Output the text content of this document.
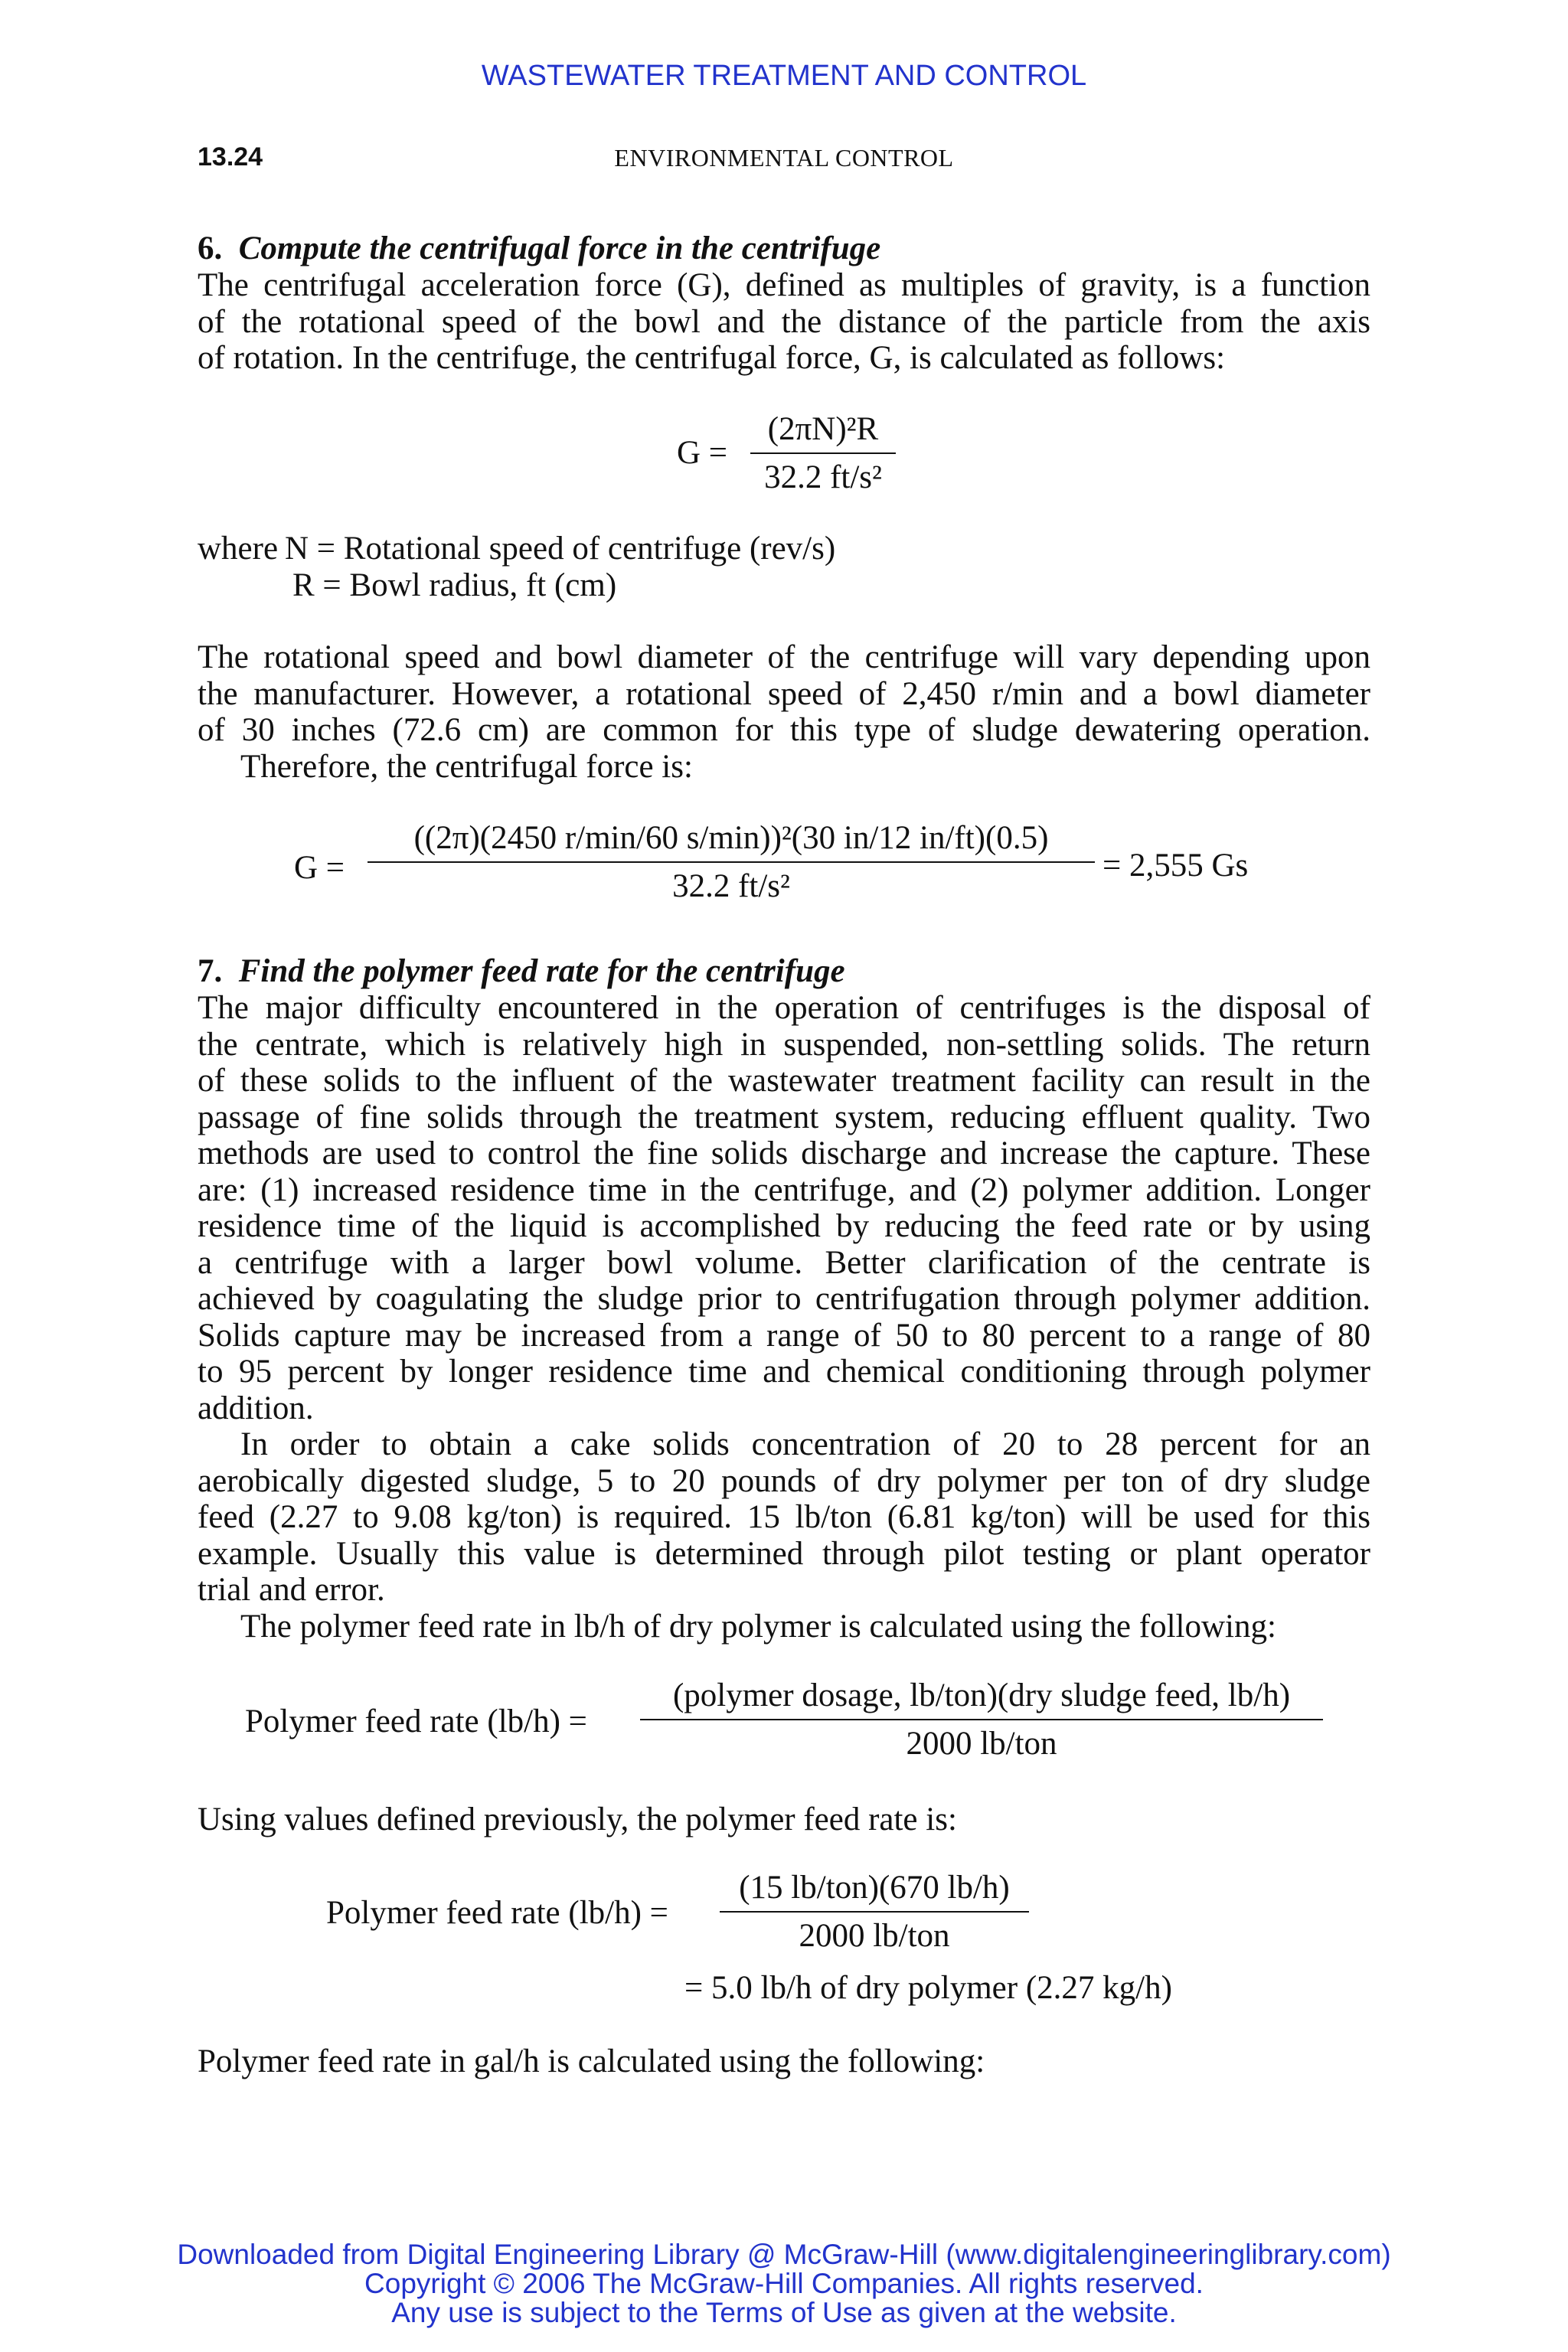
WASTEWATER TREATMENT AND CONTROL
13.24	ENVIRONMENTAL CONTROL
6. Compute the centrifugal force in the centrifuge
The centrifugal acceleration force (G), defined as multiples of gravity, is a function
of the rotational speed of the bowl and the distance of the particle from the axis
of rotation. In the centrifuge, the centrifugal force, G, is calculated as follows:
$G = \frac{\text{(2πN)²R}}{\text{32.2 ft/s²}}$
where N = Rotational speed of centrifuge (rev/s)
R = Bowl radius, ft (cm)
The rotational speed and bowl diameter of the centrifuge will vary depending upon
the manufacturer. However, a rotational speed of 2,450 r/min and a bowl diameter
of 30 inches (72.6 cm) are common for this type of sludge dewatering operation.
Therefore, the centrifugal force is:
G =
((2π)(2450 r/min/60 s/min))²(30 in/12 in/ft)(0.5)
32.2 ft/s²
= 2,555 Gs
7. Find the polymer feed rate for the centrifuge
The major difficulty encountered in the operation of centrifuges is the disposal of
the centrate, which is relatively high in suspended, non-settling solids. The return
of these solids to the influent of the wastewater treatment facility can result in the
passage of fine solids through the treatment system, reducing effluent quality. Two
methods are used to control the fine solids discharge and increase the capture. These
are: (1) increased residence time in the centrifuge, and (2) polymer addition. Longer
residence time of the liquid is accomplished by reducing the feed rate or by using
a centrifuge with a larger bowl volume. Better clarification of the centrate is
achieved by coagulating the sludge prior to centrifugation through polymer addition.
Solids capture may be increased from a range of 50 to 80 percent to a range of 80
to 95 percent by longer residence time and chemical conditioning through polymer
addition.
In order to obtain a cake solids concentration of 20 to 28 percent for an
aerobically digested sludge, 5 to 20 pounds of dry polymer per ton of dry sludge
feed (2.27 to 9.08 kg/ton) is required. 15 lb/ton (6.81 kg/ton) will be used for this
example. Usually this value is determined through pilot testing or plant operator
trial and error.
The polymer feed rate in lb/h of dry polymer is calculated using the following:
Polymer feed rate (lb/h) =
(polymer dosage, lb/ton)(dry sludge feed, lb/h)
2000 lb/ton
Using values defined previously, the polymer feed rate is:
Polymer feed rate (lb/h) =
(15 lb/ton)(670 lb/h)
2000 lb/ton
= 5.0 lb/h of dry polymer (2.27 kg/h)
Polymer feed rate in gal/h is calculated using the following:
Downloaded from Digital Engineering Library @ McGraw-Hill (www.digitalengineeringlibrary.com)
Copyright © 2006 The McGraw-Hill Companies. All rights reserved.
Any use is subject to the Terms of Use as given at the website.
